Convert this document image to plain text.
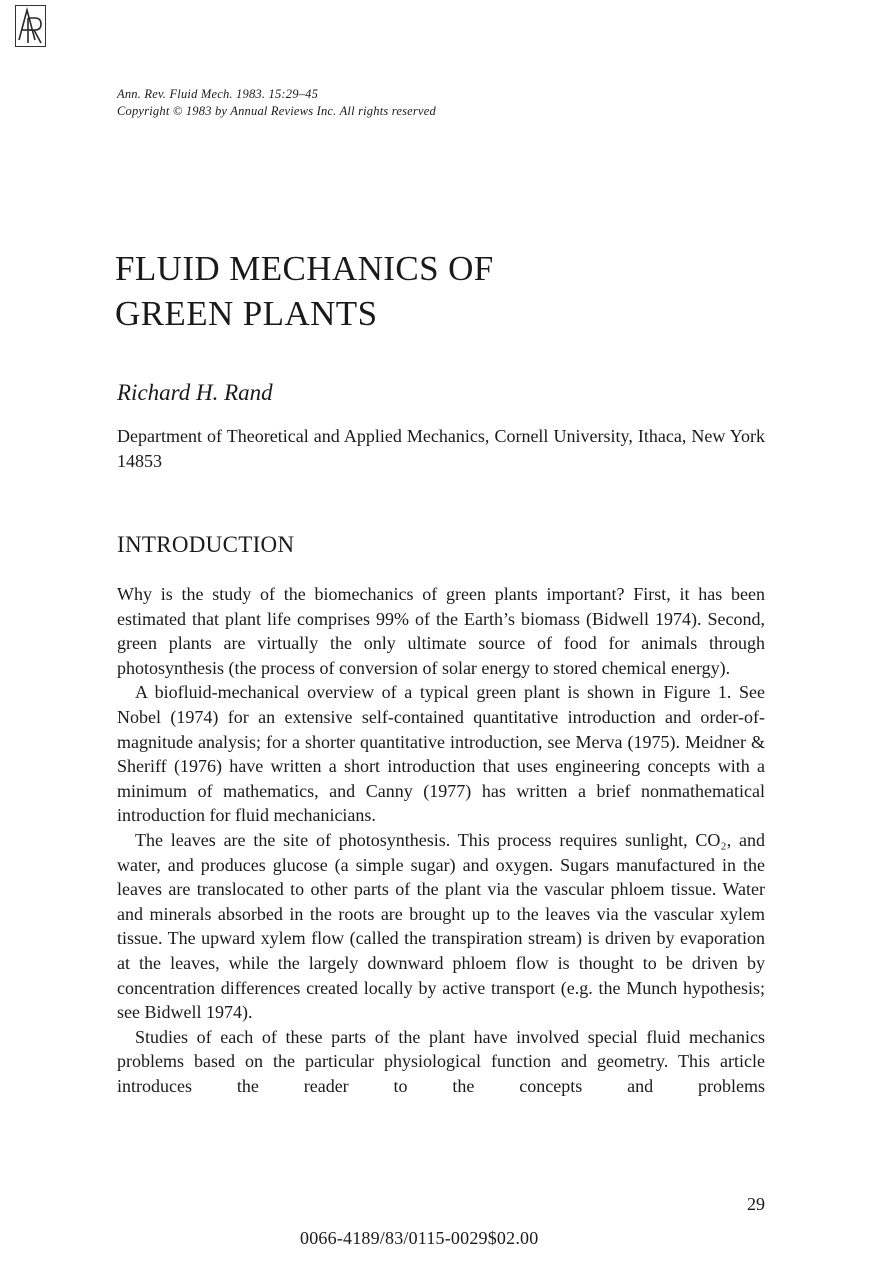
Ann. Rev. Fluid Mech. 1983. 15:29–45
Copyright © 1983 by Annual Reviews Inc. All rights reserved
FLUID MECHANICS OF
GREEN PLANTS
Richard H. Rand
Department of Theoretical and Applied Mechanics, Cornell University, Ithaca, New York 14853
INTRODUCTION

Why is the study of the biomechanics of green plants important? First, it has been estimated that plant life comprises 99% of the Earth’s biomass (Bidwell 1974). Second, green plants are virtually the only ultimate source of food for animals through photosynthesis (the process of conversion of solar energy to stored chemical energy).

A biofluid-mechanical overview of a typical green plant is shown in Figure 1. See Nobel (1974) for an extensive self-contained quantitative introduction and order-of-magnitude analysis; for a shorter quantitative introduction, see Merva (1975). Meidner & Sheriff (1976) have written a short introduction that uses engineering concepts with a minimum of mathematics, and Canny (1977) has written a brief nonmathematical introduction for fluid mechanicians.

The leaves are the site of photosynthesis. This process requires sunlight, CO₂, and water, and produces glucose (a simple sugar) and oxygen. Sugars manufactured in the leaves are translocated to other parts of the plant via the vascular phloem tissue. Water and minerals absorbed in the roots are brought up to the leaves via the vascular xylem tissue. The upward xylem flow (called the transpiration stream) is driven by evaporation at the leaves, while the largely downward phloem flow is thought to be driven by concentration differences created locally by active transport (e.g. the Munch hypothesis; see Bidwell 1974).

Studies of each of these parts of the plant have involved special fluid mechanics problems based on the particular physiological function and geometry. This article introduces the reader to the concepts and problems

29
0066-4189/83/0115-0029$02.00
